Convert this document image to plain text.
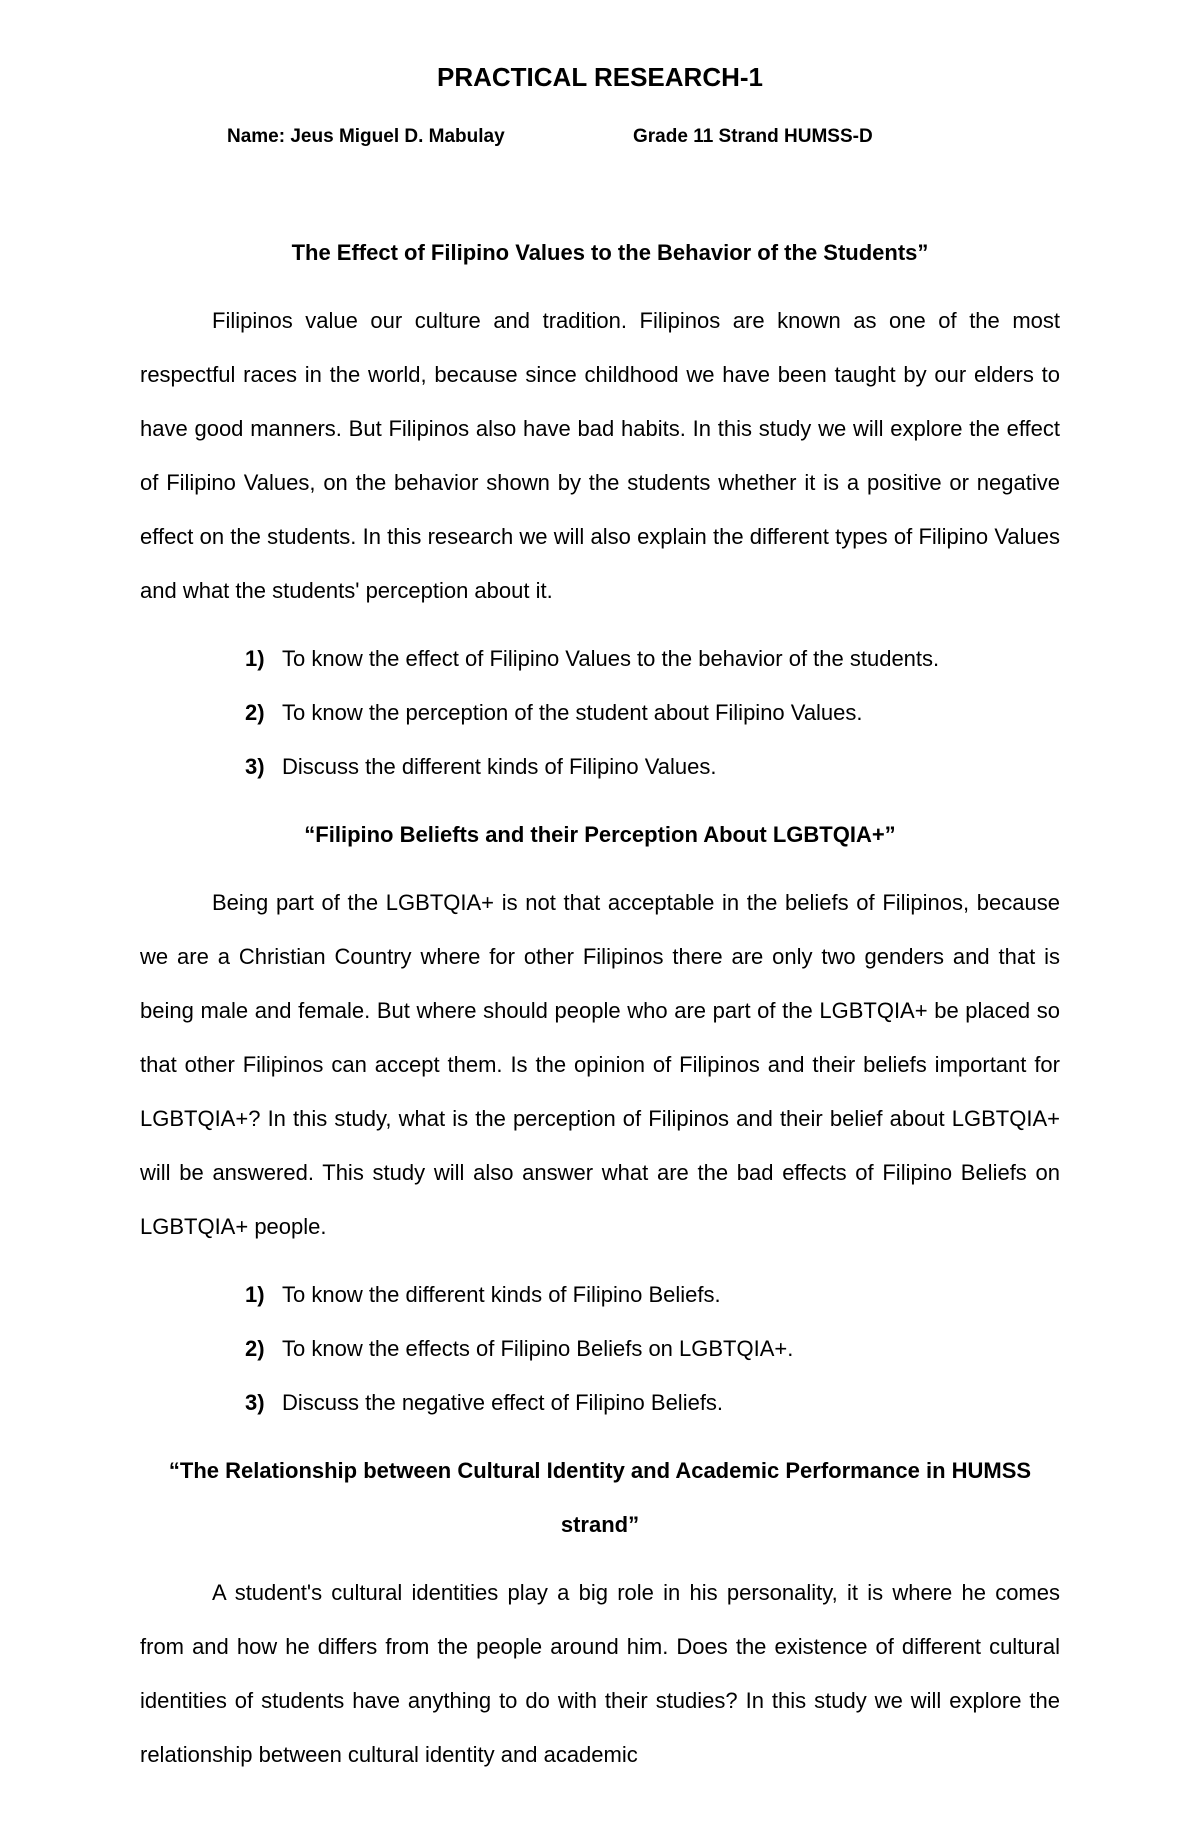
PRACTICAL RESEARCH-1
Name: Jeus Miguel D. Mabulay	Grade 11 Strand HUMSS-D
The Effect of Filipino Values to the Behavior of the Students”

Filipinos value our culture and tradition. Filipinos are known as one of the most respectful races in the world, because since childhood we have been taught by our elders to have good manners. But Filipinos also have bad habits. In this study we will explore the effect of Filipino Values, on the behavior shown by the students whether it is a positive or negative effect on the students. In this research we will also explain the different types of Filipino Values and what the students' perception about it.

1) To know the effect of Filipino Values to the behavior of the students.
2) To know the perception of the student about Filipino Values.
3) Discuss the different kinds of Filipino Values.
“Filipino Beliefts and their Perception About LGBTQIA+”

Being part of the LGBTQIA+ is not that acceptable in the beliefs of Filipinos, because we are a Christian Country where for other Filipinos there are only two genders and that is being male and female. But where should people who are part of the LGBTQIA+ be placed so that other Filipinos can accept them. Is the opinion of Filipinos and their beliefs important for LGBTQIA+? In this study, what is the perception of Filipinos and their belief about LGBTQIA+ will be answered. This study will also answer what are the bad effects of Filipino Beliefs on LGBTQIA+ people.

1) To know the different kinds of Filipino Beliefs.
2) To know the effects of Filipino Beliefs on LGBTQIA+.
3) Discuss the negative effect of Filipino Beliefs.
“The Relationship between Cultural Identity and Academic Performance in HUMSS strand”

A student's cultural identities play a big role in his personality, it is where he comes from and how he differs from the people around him. Does the existence of different cultural identities of students have anything to do with their studies? In this study we will explore the relationship between cultural identity and academic
